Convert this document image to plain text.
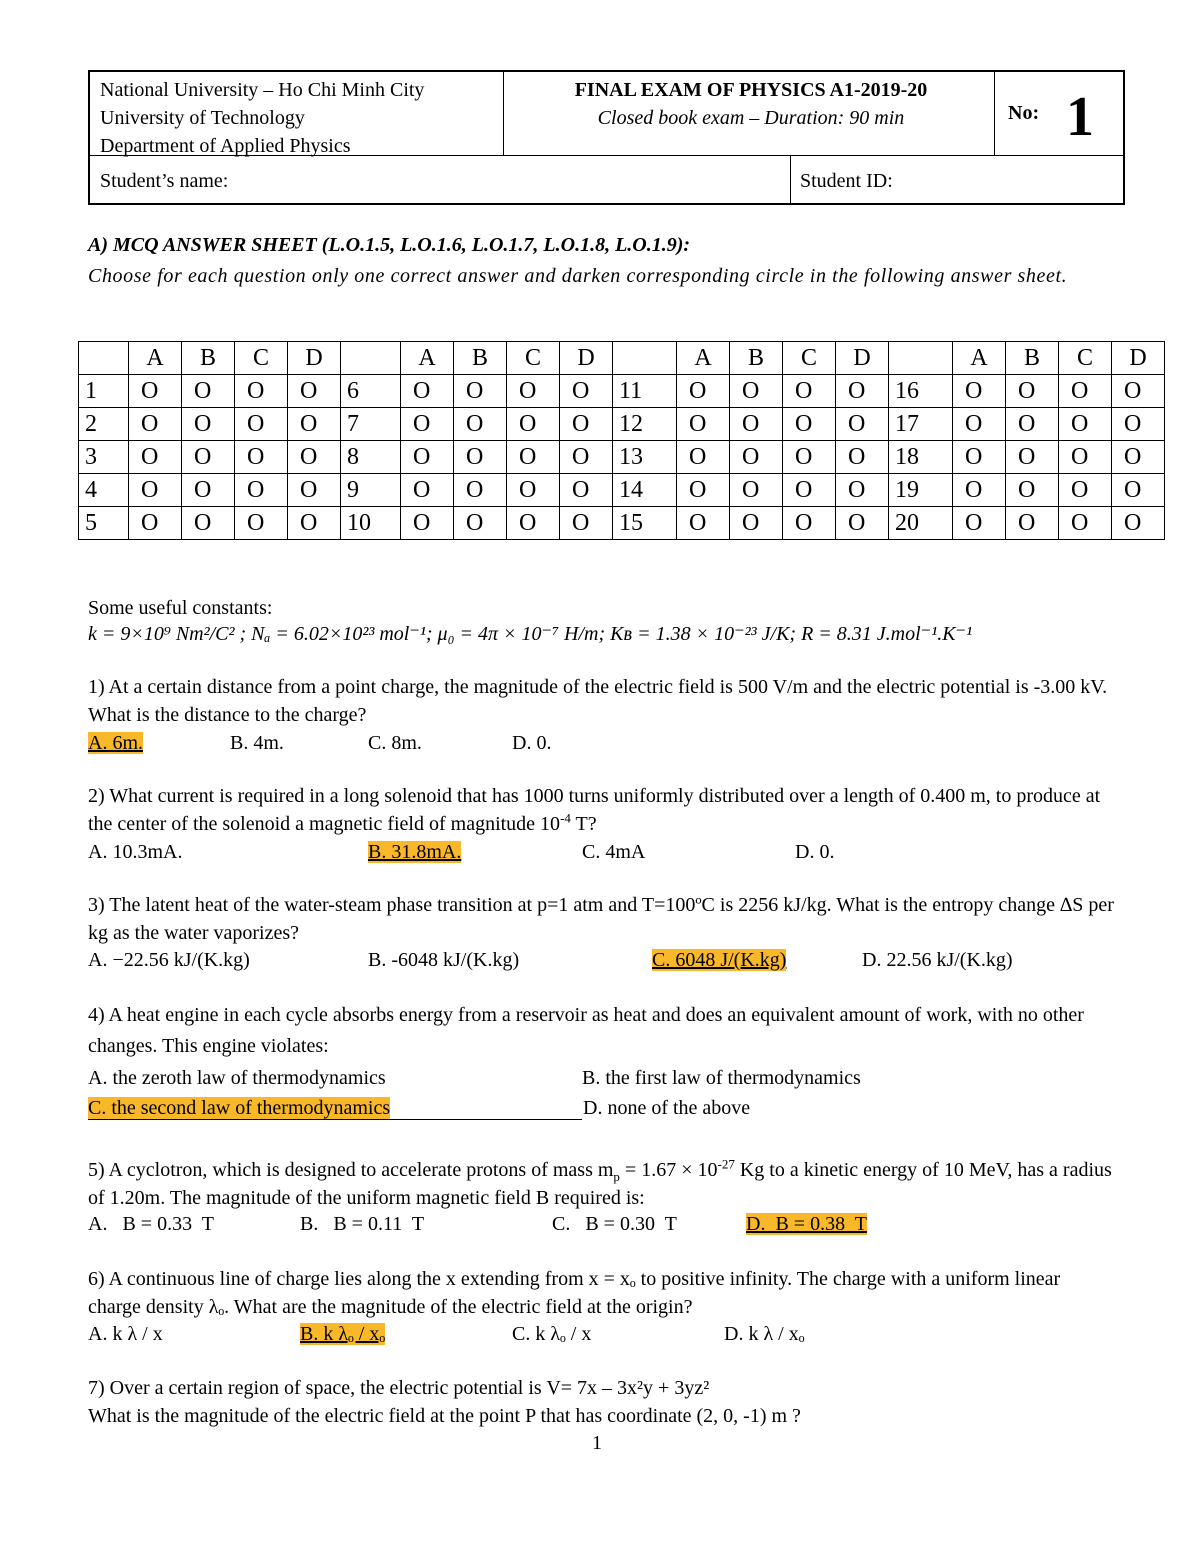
National University – Ho Chi Minh City
University of Technology
Department of Applied Physics
FINAL EXAM OF PHYSICS A1-2019-20
Closed book exam – Duration: 90 min	No: 1
Student’s name:	Student ID:
A) MCQ ANSWER SHEET (L.O.1.5, L.O.1.6, L.O.1.7, L.O.1.8, L.O.1.9):
Choose for each question only one correct answer and darken corresponding circle in the following answer sheet.
	A	B	C	D		A	B	C	D		A	B	C	D		A	B	C	D
1	O	O	O	O	6	O	O	O	O	11	O	O	O	O	16	O	O	O	O
2	O	O	O	O	7	O	O	O	O	12	O	O	O	O	17	O	O	O	O
3	O	O	O	O	8	O	O	O	O	13	O	O	O	O	18	O	O	O	O
4	O	O	O	O	9	O	O	O	O	14	O	O	O	O	19	O	O	O	O
5	O	O	O	O	10	O	O	O	O	15	O	O	O	O	20	O	O	O	O
Some useful constants:
k = 9×10⁹ Nm²/C² ; Nₐ = 6.02×10²³ mol⁻¹; μ₀ = 4π × 10⁻⁷ H/m; Kʙ = 1.38 × 10⁻²³ J/K; R = 8.31 J.mol⁻¹.K⁻¹
1) At a certain distance from a point charge, the magnitude of the electric field is 500 V/m and the electric potential is -3.00 kV. What is the distance to the charge?
A. 6m.	B. 4m.	C. 8m.	D. 0.
2) What current is required in a long solenoid that has 1000 turns uniformly distributed over a length of 0.400 m, to produce at the center of the solenoid a magnetic field of magnitude $10^{-4}$ T?
A. 10.3mA.	B. 31.8mA.	C. 4mA	D. 0.
3) The latent heat of the water-steam phase transition at p=1 atm and T=100ºC is 2256 kJ/kg. What is the entropy change ∆S per kg as the water vaporizes?
A. −22.56 kJ/(K.kg)	B. -6048 kJ/(K.kg)	C. 6048 J/(K.kg)	D. 22.56 kJ/(K.kg)
4) A heat engine in each cycle absorbs energy from a reservoir as heat and does an equivalent amount of work, with no other changes. This engine violates:
A. the zeroth law of thermodynamics	B. the first law of thermodynamics
C. the second law of thermodynamics	D. none of the above
5) A cyclotron, which is designed to accelerate protons of mass $m_p = 1.67 \times 10^{-27}$ Kg to a kinetic energy of 10 MeV, has a radius of 1.20m. The magnitude of the uniform magnetic field B required is:
A.   B = 0.33  T	B.   B = 0.11  T	C.   B = 0.30  T	D.  B = 0.38  T
6) A continuous line of charge lies along the x extending from x = xₒ to positive infinity. The charge with a uniform linear charge density λₒ. What are the magnitude of the electric field at the origin?
A. k λ / x	B. k λₒ / xₒ	C. k λₒ / x	D. k λ / xₒ
7) Over a certain region of space, the electric potential is V= 7x – 3x²y + 3yz²
What is the magnitude of the electric field at the point P that has coordinate (2, 0, -1) m ?
1
